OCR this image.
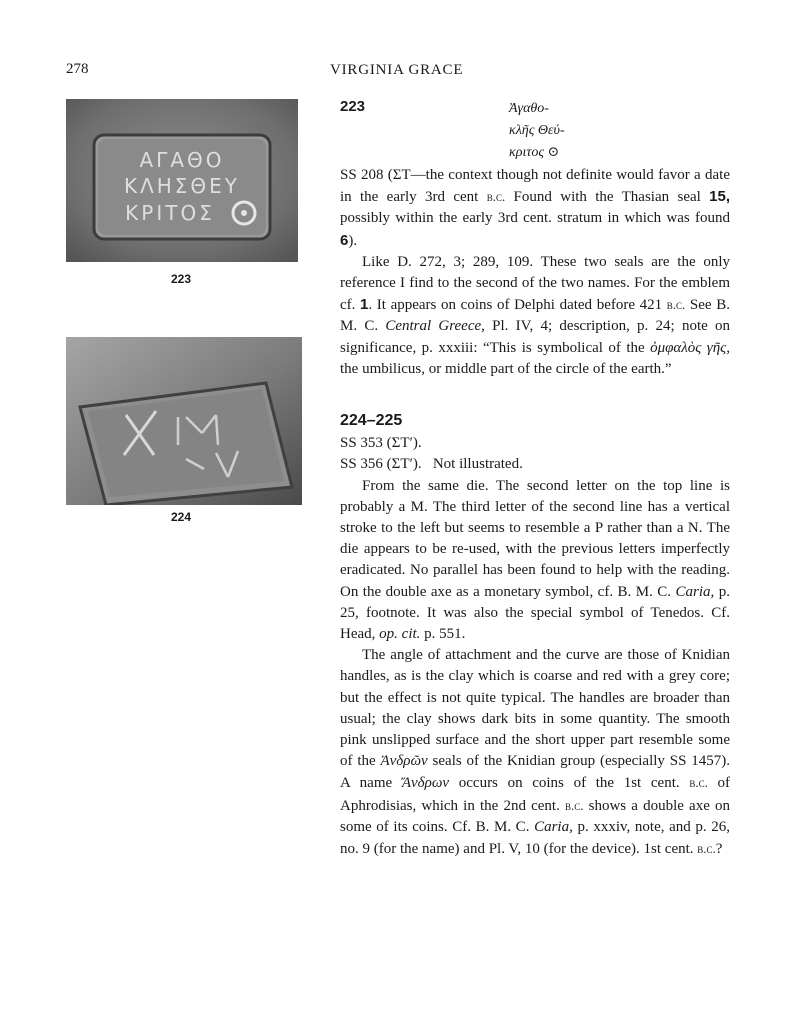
278	VIRGINIA GRACE
ΑΓΑΘΟ
ΚΛΗΣΘΕΥ
ΚΡΙΤΟΣ
223
224
223	Ἀγαθο-
κλῆς Θεύ-
κριτος ⊙

SS 208 (ΣΤ—the context though not definite would favor a date in the early 3rd cent b.c. Found with the Thasian seal 15, possibly within the early 3rd cent. stratum in which was found 6).

Like D. 272, 3; 289, 109. These two seals are the only reference I find to the second of the two names. For the emblem cf. 1. It appears on coins of Delphi dated before 421 b.c. See B. M. C. Central Greece, Pl. IV, 4; description, p. 24; note on significance, p. xxxiii: “This is symbolical of the ὀμφαλὸς γῆς, the umbilicus, or middle part of the circle of the earth.”

224–225
SS 353 (ΣΤʹ).
SS 356 (ΣΤʹ).   Not illustrated.

From the same die. The second letter on the top line is probably a M. The third letter of the second line has a vertical stroke to the left but seems to resemble a P rather than a N. The die appears to be re-used, with the previous letters imperfectly eradicated. No parallel has been found to help with the reading. On the double axe as a monetary symbol, cf. B. M. C. Caria, p. 25, footnote. It was also the special symbol of Tenedos. Cf. Head, op. cit. p. 551.

The angle of attachment and the curve are those of Knidian handles, as is the clay which is coarse and red with a grey core; but the effect is not quite typical. The handles are broader than usual; the clay shows dark bits in some quantity. The smooth pink unslipped surface and the short upper part resemble some of the Ἀνδρῶν seals of the Knidian group (especially SS 1457). A name Ἄνδρων occurs on coins of the 1st cent. b.c. of Aphrodisias, which in the 2nd cent. b.c. shows a double axe on some of its coins. Cf. B. M. C. Caria, p. xxxiv, note, and p. 26, no. 9 (for the name) and Pl. V, 10 (for the device). 1st cent. b.c.?
